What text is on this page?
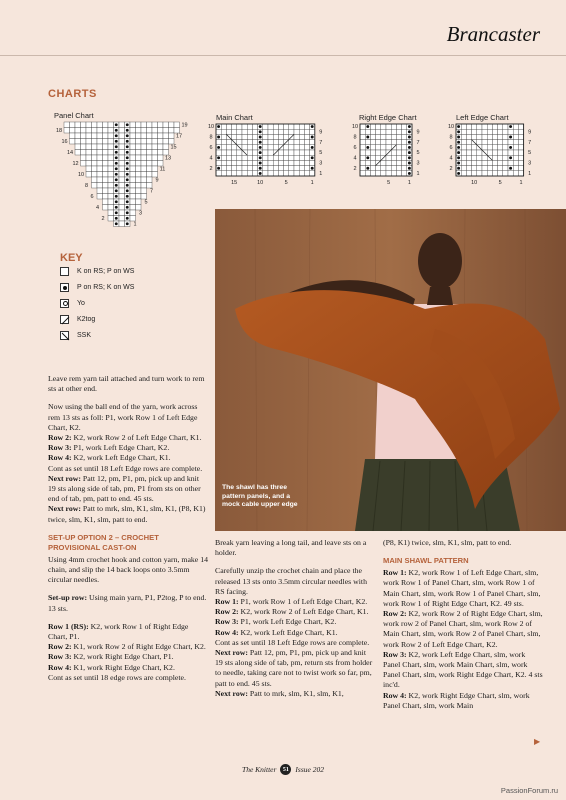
Brancaster
CHARTS
Panel Chart	Main Chart	Right Edge Chart	Left Edge Chart
18
16
14
12
10
8
6
4
2
19
17
15
13
11
9
7
5
3
1
10
8
6
4
2
9
7
5
3
1
15	10	5	1
10
8
6
4
2
9
7
5
3
1
5	1
10
8
6
4
2
9
7
5
3
1
10	5	1
KEY
K on RS; P on WS
P on RS; K on WS
Yo
K2tog
SSK
The shawl has three pattern panels, and a mock cable upper edge

Leave rem yarn tail attached and turn work to rem sts at other end.

Now using the ball end of the yarn, work across rem 13 sts as foll: P1, work Row 1 of Left Edge Chart, K2.
Row 2: K2, work Row 2 of Left Edge Chart, K1.
Row 3: P1, work Left Edge Chart, K2.
Row 4: K2, work Left Edge Chart, K1.
Cont as set until 18 Left Edge rows are complete.
Next row: Patt 12, pm, P1, pm, pick up and knit 19 sts along side of tab, pm, P1 from sts on other end of tab, pm, patt to end. 45 sts.
Next row: Patt to mrk, slm, K1, slm, K1, (P8, K1) twice, slm, K1, slm, patt to end.

SET-UP OPTION 2 – CROCHET PROVISIONAL CAST-ON

Using 4mm crochet hook and cotton yarn, make 14 chain, and slip the 14 back loops onto 3.5mm circular needles.

Set-up row: Using main yarn, P1, P2tog, P to end. 13 sts.

Row 1 (RS): K2, work Row 1 of Right Edge Chart, P1.
Row 2: K1, work Row 2 of Right Edge Chart, K2.
Row 3: K2, work Right Edge Chart, P1.
Row 4: K1, work Right Edge Chart, K2.
Cont as set until 18 edge rows are complete.

Break yarn leaving a long tail, and leave sts on a holder.

Carefully unzip the crochet chain and place the released 13 sts onto 3.5mm circular needles with RS facing.
Row 1: P1, work Row 1 of Left Edge Chart, K2.
Row 2: K2, work Row 2 of Left Edge Chart, K1.
Row 3: P1, work Left Edge Chart, K2.
Row 4: K2, work Left Edge Chart, K1.
Cont as set until 18 Left Edge rows are complete.
Next row: Patt 12, pm, P1, pm, pick up and knit 19 sts along side of tab, pm, return sts from holder to needle, taking care not to twist work so far, pm, patt to end. 45 sts.
Next row: Patt to mrk, slm, K1, slm, K1,

(P8, K1) twice, slm, K1, slm, patt to end.

MAIN SHAWL PATTERN

Row 1: K2, work Row 1 of Left Edge Chart, slm, work Row 1 of Panel Chart, slm, work Row 1 of Main Chart, slm, work Row 1 of Panel Chart, slm, work Row 1 of Right Edge Chart, K2. 49 sts.
Row 2: K2, work Row 2 of Right Edge Chart, slm, work row 2 of Panel Chart, slm, work Row 2 of Main Chart, slm, work Row 2 of Panel Chart, slm, work Row 2 of Left Edge Chart, K2.
Row 3: K2, work Left Edge Chart, slm, work Panel Chart, slm, work Main Chart, slm, work Panel Chart, slm, work Right Edge Chart, K2. 4 sts inc'd.
Row 4: K2, work Right Edge Chart, slm, work Panel Chart, slm, work Main

▶
The Knitter	51 Issue 202
PassionForum.ru
